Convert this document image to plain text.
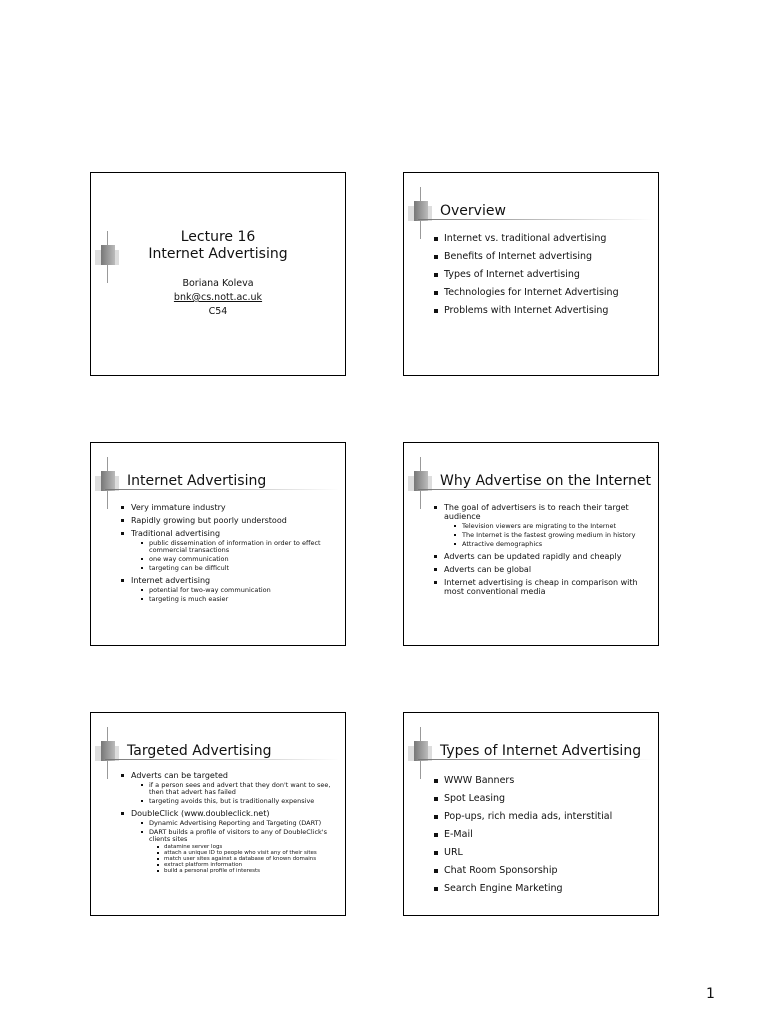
Lecture 16
Internet Advertising
Boriana Koleva
bnk@cs.nott.ac.uk
C54
Overview
Internet vs. traditional advertising
Benefits of Internet advertising
Types of Internet advertising
Technologies for Internet Advertising
Problems with Internet Advertising
Internet Advertising
Very immature industry
Rapidly growing but poorly understood
Traditional advertising
public dissemination of information in order to effect commercial transactions
one way communication
targeting can be difficult
Internet advertising
potential for two-way communication
targeting is much easier
Why Advertise on the Internet
The goal of advertisers is to reach their target audience
Television viewers are migrating to the Internet
The Internet is the fastest growing medium in history
Attractive demographics
Adverts can be updated rapidly and cheaply
Adverts can be global
Internet advertising is cheap in comparison with most conventional media
Targeted Advertising
Adverts can be targeted
if a person sees and advert that they don't want to see, then that advert has failed
targeting avoids this, but is traditionally expensive
DoubleClick (www.doubleclick.net)
Dynamic Advertising Reporting and Targeting (DART)
DART builds a profile of visitors to any of DoubleClick's clients sites
datamine server logs
attach a unique ID to people who visit any of their sites
match user sites against a database of known domains
extract platform information
build a personal profile of interests
Types of Internet Advertising
WWW Banners
Spot Leasing
Pop-ups, rich media ads, interstitial
E-Mail
URL
Chat Room Sponsorship
Search Engine Marketing
1
